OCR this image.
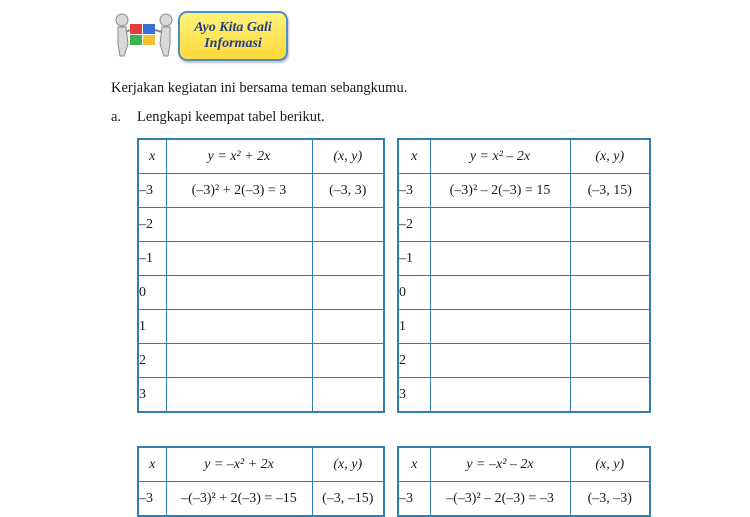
Ayo Kita Gali
Informasi
Kerjakan kegiatan ini bersama teman sebangkumu.
a. Lengkapi keempat tabel berikut.
x	y = x² + 2x	(x, y)
–3	(–3)² + 2(–3) = 3	(–3, 3)
–2		
–1		
0		
1		
2		
3		
x	y = x² – 2x	(x, y)
–3	(–3)² – 2(–3) = 15	(–3, 15)
–2		
–1		
0		
1		
2		
3		
x	y = –x² + 2x	(x, y)
–3	–(–3)² + 2(–3) = –15	(–3, –15)
x	y = –x² – 2x	(x, y)
–3	–(–3)² – 2(–3) = –3	(–3, –3)
